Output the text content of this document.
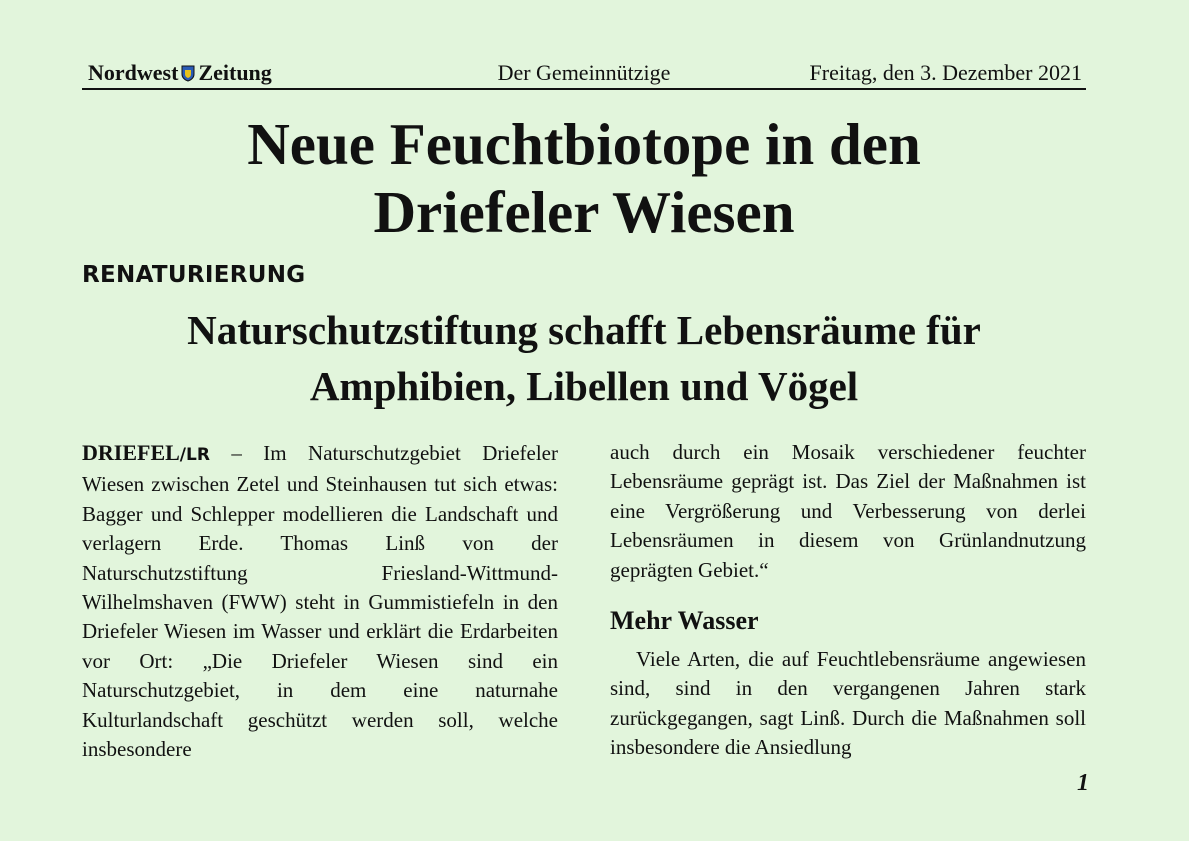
Nordwest Zeitung	Der Gemeinnützige	Freitag, den 3. Dezember 2021
Neue Feuchtbiotope in den
Driefeler Wiesen
RENATURIERUNG
Naturschutzstiftung schafft Lebensräume für
Amphibien, Libellen und Vögel

DRIEFEL/LR – Im Naturschutzgebiet Driefeler Wiesen zwischen Zetel und Steinhausen tut sich etwas: Bagger und Schlepper modellieren die Landschaft und verlagern Erde. Thomas Linß von der Naturschutzstiftung Friesland-Wittmund-Wilhelmshaven (FWW) steht in Gummistiefeln in den Driefeler Wiesen im Wasser und erklärt die Erdarbeiten vor Ort: „Die Driefeler Wiesen sind ein Naturschutzgebiet, in dem eine naturnahe Kulturlandschaft geschützt werden soll, welche insbesondere

auch durch ein Mosaik verschiedener feuchter Lebensräume geprägt ist. Das Ziel der Maßnahmen ist eine Vergrößerung und Verbesserung von derlei Lebensräumen in diesem von Grünlandnutzung geprägten Gebiet.“

Mehr Wasser

Viele Arten, die auf Feuchtlebensräume angewiesen sind, sind in den vergangenen Jahren stark zurückgegangen, sagt Linß. Durch die Maßnahmen soll insbesondere die Ansiedlung

1
